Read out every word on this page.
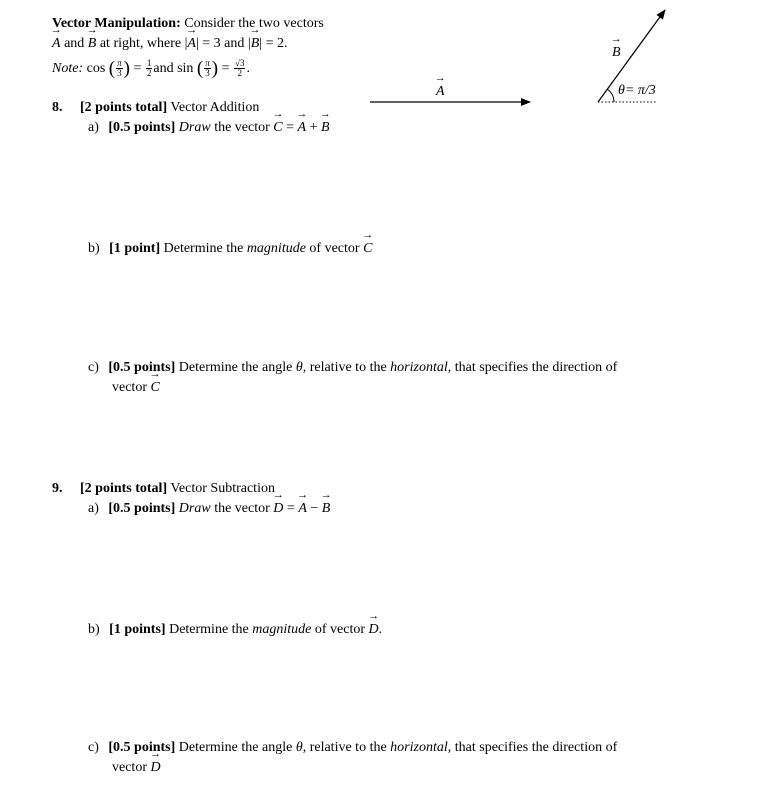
Vector Manipulation: Consider the two vectors
→ A and → B at right, where |→ A| = 3 and |→ B| = 2.
Note: cos ( $\frac{\pi}{3}$ ) = $\frac{1}{2}$ and sin ( $\frac{\pi}{3}$ ) = $\frac{√3}{2}$ .
→ A
→ B
θ= π/3
8. [2 points total] Vector Addition
a) [0.5 points] Draw the vector → C = → A + → B
b) [1 point] Determine the magnitude of vector → C
c) [0.5 points] Determine the angle θ, relative to the horizontal, that specifies the direction of
vector → C
9. [2 points total] Vector Subtraction
a) [0.5 points] Draw the vector → D = → A − → B
b) [1 points] Determine the magnitude of vector → D.
c) [0.5 points] Determine the angle θ, relative to the horizontal, that specifies the direction of
vector → D
